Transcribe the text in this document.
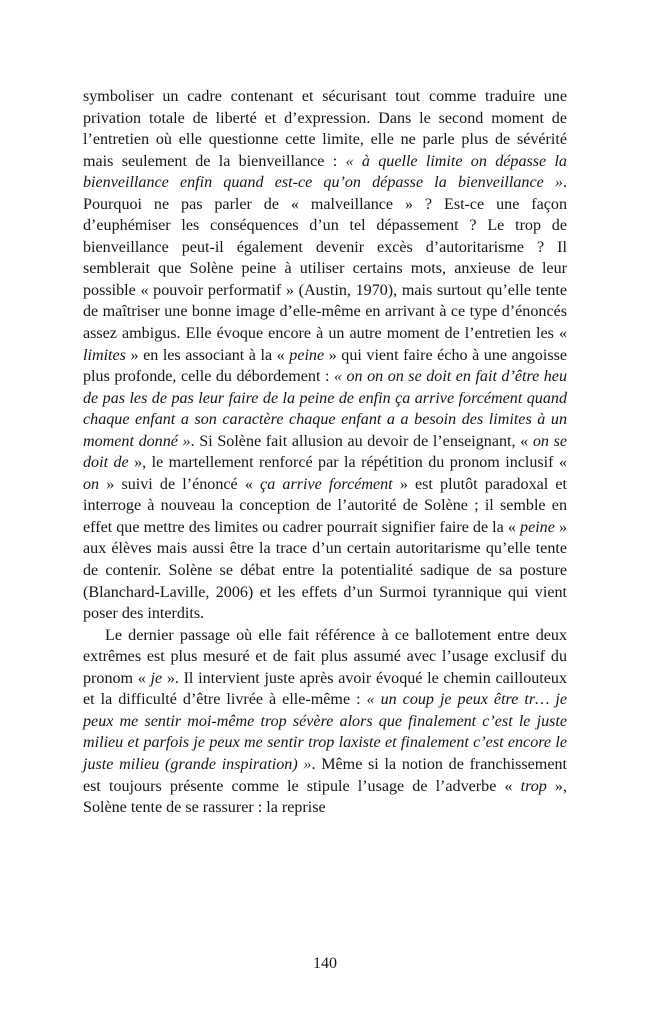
symboliser un cadre contenant et sécurisant tout comme traduire une privation totale de liberté et d’expression. Dans le second moment de l’entretien où elle questionne cette limite, elle ne parle plus de sévérité mais seulement de la bienveillance : « à quelle limite on dépasse la bienveillance enfin quand est-ce qu’on dépasse la bienveillance ». Pourquoi ne pas parler de « malveillance » ? Est-ce une façon d’euphémiser les conséquences d’un tel dépassement ? Le trop de bienveillance peut-il également devenir excès d’autoritarisme ? Il semblerait que Solène peine à utiliser certains mots, anxieuse de leur possible « pouvoir performatif » (Austin, 1970), mais surtout qu’elle tente de maîtriser une bonne image d’elle-même en arrivant à ce type d’énoncés assez ambigus. Elle évoque encore à un autre moment de l’entretien les « limites » en les associant à la « peine » qui vient faire écho à une angoisse plus profonde, celle du débordement : « on on on se doit en fait d’être heu de pas les de pas leur faire de la peine de enfin ça arrive forcément quand chaque enfant a son caractère chaque enfant a a besoin des limites à un moment donné ». Si Solène fait allusion au devoir de l’enseignant, « on se doit de », le martellement renforcé par la répétition du pronom inclusif « on » suivi de l’énoncé « ça arrive forcément » est plutôt paradoxal et interroge à nouveau la conception de l’autorité de Solène ; il semble en effet que mettre des limites ou cadrer pourrait signifier faire de la « peine » aux élèves mais aussi être la trace d’un certain autoritarisme qu’elle tente de contenir. Solène se débat entre la potentialité sadique de sa posture (Blanchard-Laville, 2006) et les effets d’un Surmoi tyrannique qui vient poser des interdits.

Le dernier passage où elle fait référence à ce ballotement entre deux extrêmes est plus mesuré et de fait plus assumé avec l’usage exclusif du pronom « je ». Il intervient juste après avoir évoqué le chemin caillouteux et la difficulté d’être livrée à elle-même : « un coup je peux être tr… je peux me sentir moi-même trop sévère alors que finalement c’est le juste milieu et parfois je peux me sentir trop laxiste et finalement c’est encore le juste milieu (grande inspiration) ». Même si la notion de franchissement est toujours présente comme le stipule l’usage de l’adverbe « trop », Solène tente de se rassurer : la reprise

140
